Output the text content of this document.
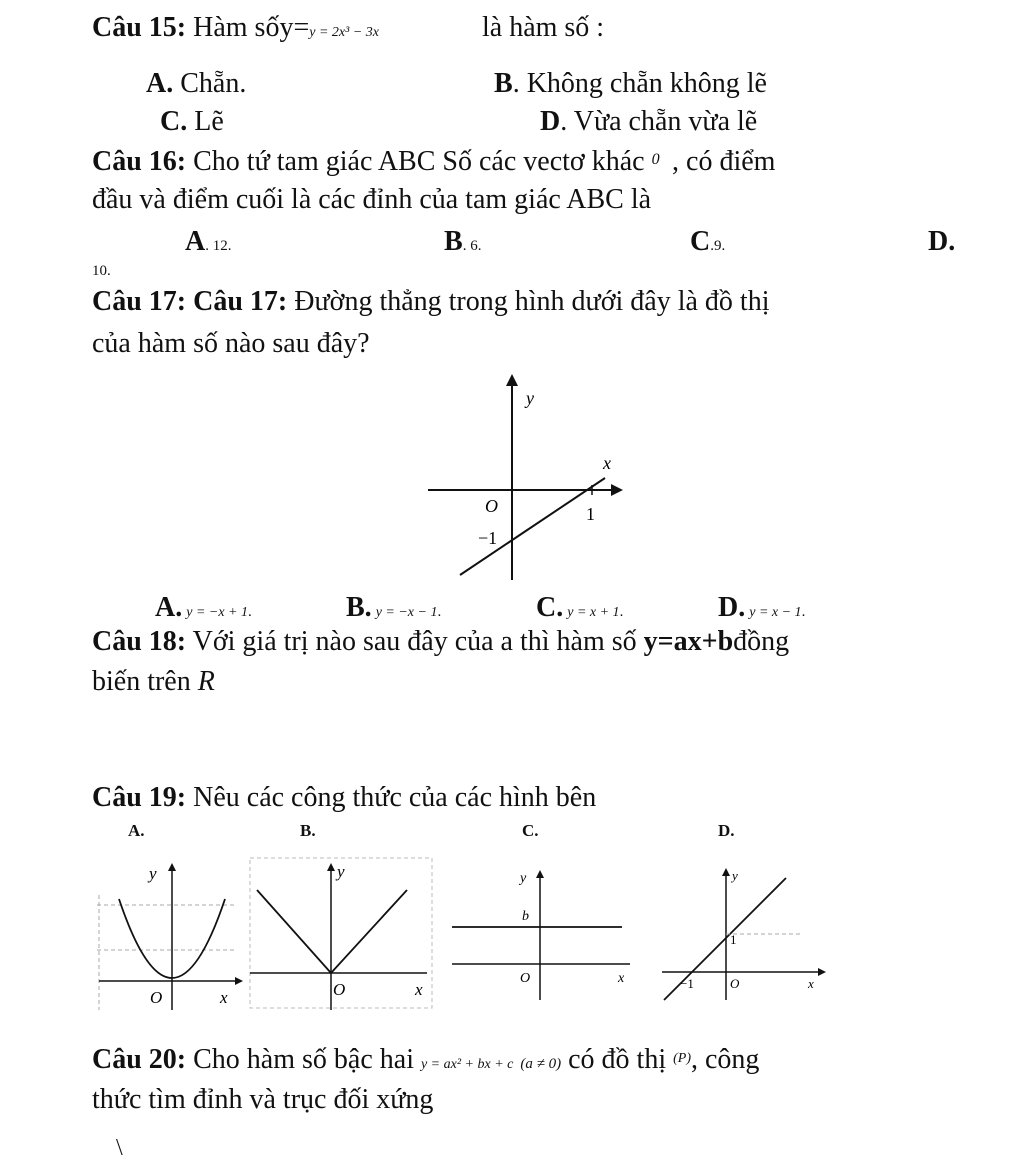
Câu 15: Hàm sốy=y = 2x³ − 3x	là hàm số :
A. Chẵn.	B. Không chẵn không lẽ
C. Lẽ	D. Vừa chẵn vừa lẽ
Câu 16: Cho tứ tam giác ABC Số các vectơ khác $^{0⃗}$, có điểm
đầu và điểm cuối là các đỉnh của tam giác ABC là
A. 12.	B. 6.	C.9.	D.
10.
Câu 17: Câu 17: Đường thẳng trong hình dưới đây là đồ thị
của hàm số nào sau đây?
y
x
O	1
−1
A. y = −x + 1.	B. y = −x − 1.	C. y = x + 1.	D. y = x − 1.
Câu 18: Với giá trị nào sau đây của a thì hàm số y=ax+bđồng
biến trên R
Câu 19: Nêu các công thức của các hình bên
A.	B.	C.	D.
y
x
O
y
x
O
y
b
O	x
y
1
−1	O	x
Câu 20: Cho hàm số bậc hai y = ax² + bx + c (a ≠ 0) có đồ thị $^{(P)}$, công
thức tìm đỉnh và trục đối xứng
\
